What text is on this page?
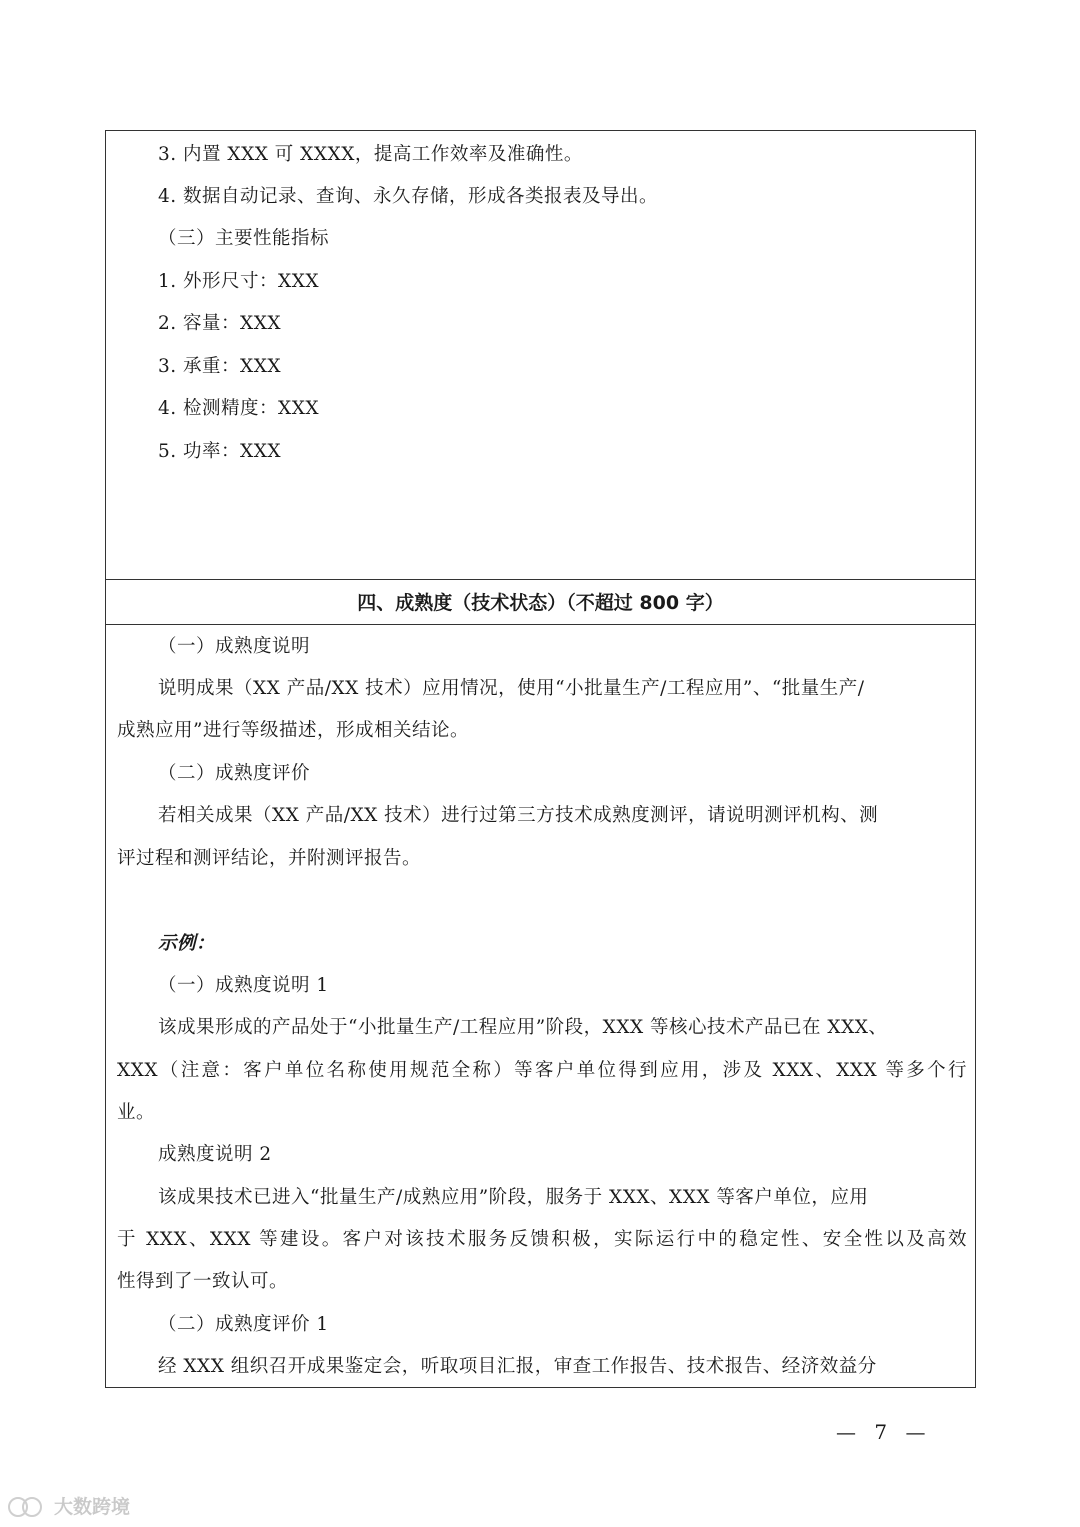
3. 内置 XXX 可 XXXX，提高工作效率及准确性。
4. 数据自动记录、查询、永久存储，形成各类报表及导出。
（三）主要性能指标
1. 外形尺寸：XXX
2. 容量：XXX
3. 承重：XXX
4. 检测精度：XXX
5. 功率：XXX
四、成熟度（技术状态）（不超过 800 字）
（一）成熟度说明
说明成果（XX 产品/XX 技术）应用情况，使用“小批量生产/工程应用”、“批量生产/
成熟应用”进行等级描述，形成相关结论。
（二）成熟度评价
若相关成果（XX 产品/XX 技术）进行过第三方技术成熟度测评，请说明测评机构、测
评过程和测评结论，并附测评报告。
示例：
（一）成熟度说明 1
该成果形成的产品处于“小批量生产/工程应用”阶段，XXX 等核心技术产品已在 XXX、
XXX（注意：客户单位名称使用规范全称）等客户单位得到应用，涉及 XXX、XXX 等多个行
业。
成熟度说明 2
该成果技术已进入“批量生产/成熟应用”阶段，服务于 XXX、XXX 等客户单位，应用
于 XXX、XXX 等建设。客户对该技术服务反馈积极，实际运行中的稳定性、安全性以及高效
性得到了一致认可。
（二）成熟度评价 1
经 XXX 组织召开成果鉴定会，听取项目汇报，审查工作报告、技术报告、经济效益分
— 7 —
大数跨境
